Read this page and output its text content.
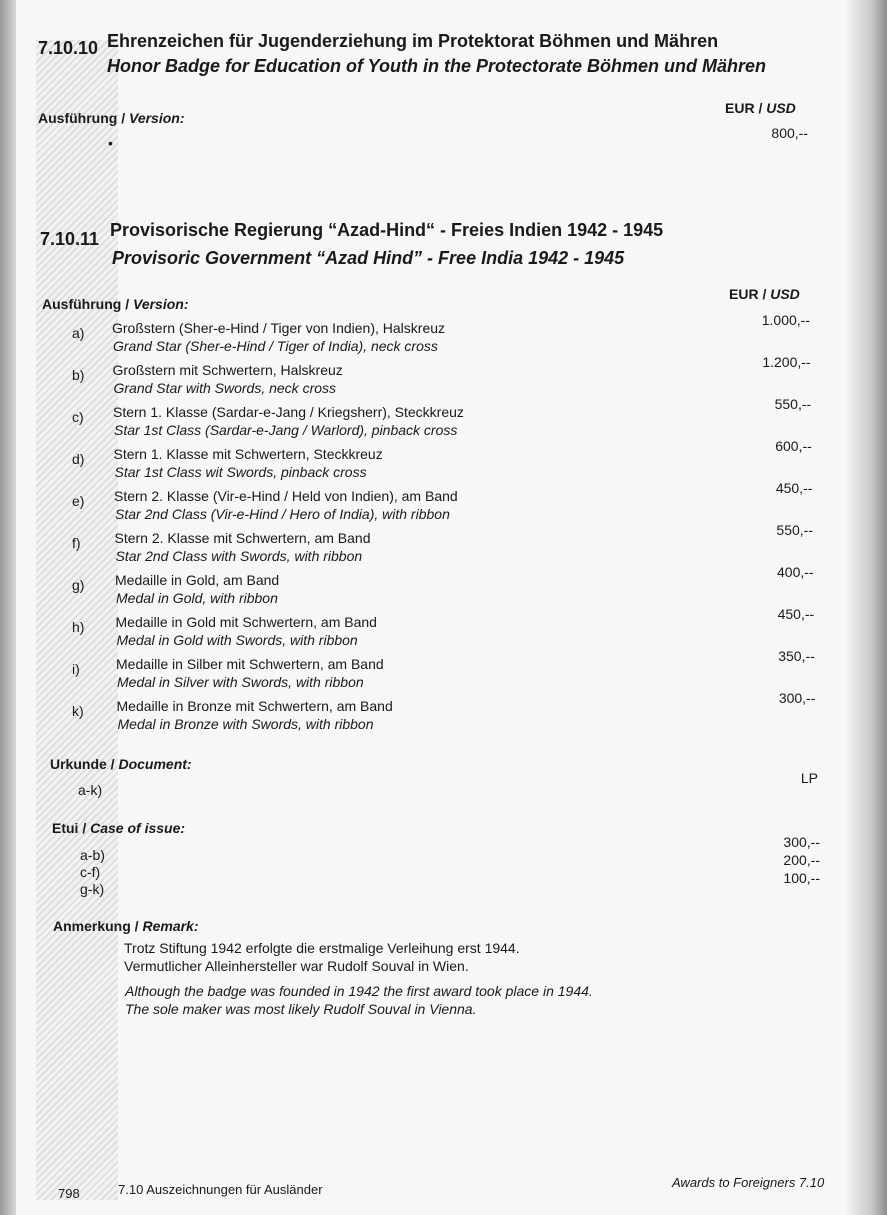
7.10.10 Ehrenzeichen für Jugenderziehung im Protektorat Böhmen und Mähren
Honor Badge for Education of Youth in the Protectorate Böhmen und Mähren
Ausführung / Version:
EUR / USD
•
800,--
7.10.11 Provisorische Regierung “Azad-Hind“ - Freies Indien 1942 - 1945
Provisoric Government “Azad Hind” - Free India 1942 - 1945
Ausführung / Version:
EUR / USD
a) Großstern (Sher-e-Hind / Tiger von Indien), Halskreuz
Grand Star (Sher-e-Hind / Tiger of India), neck cross
1.000,--
b) Großstern mit Schwertern, Halskreuz
Grand Star with Swords, neck cross
1.200,--
c) Stern 1. Klasse (Sardar-e-Jang / Kriegsherr), Steckkreuz
Star 1st Class (Sardar-e-Jang / Warlord), pinback cross
550,--
d) Stern 1. Klasse mit Schwertern, Steckkreuz
Star 1st Class wit Swords, pinback cross
600,--
e) Stern 2. Klasse (Vir-e-Hind / Held von Indien), am Band
Star 2nd Class (Vir-e-Hind / Hero of India), with ribbon
450,--
f) Stern 2. Klasse mit Schwertern, am Band
Star 2nd Class with Swords, with ribbon
550,--
g) Medaille in Gold, am Band
Medal in Gold, with ribbon
400,--
h) Medaille in Gold mit Schwertern, am Band
Medal in Gold with Swords, with ribbon
450,--
i)	Medaille in Silber mit Schwertern, am Band
Medal in Silver with Swords, with ribbon
350,--
k) Medaille in Bronze mit Schwertern, am Band
Medal in Bronze with Swords, with ribbon
300,--
Urkunde / Document:
a-k)
LP
Etui / Case of issue:
a-b)
300,--
c-f)
200,--
g-k)
100,--
Anmerkung / Remark:
Trotz Stiftung 1942 erfolgte die erstmalige Verleihung erst 1944.
Vermutlicher Alleinhersteller war Rudolf Souval in Wien.
Although the badge was founded in 1942 the first award took place in 1944.
The sole maker was most likely Rudolf Souval in Vienna.
798	7.10 Auszeichnungen für Ausländer	Awards to Foreigners 7.10
